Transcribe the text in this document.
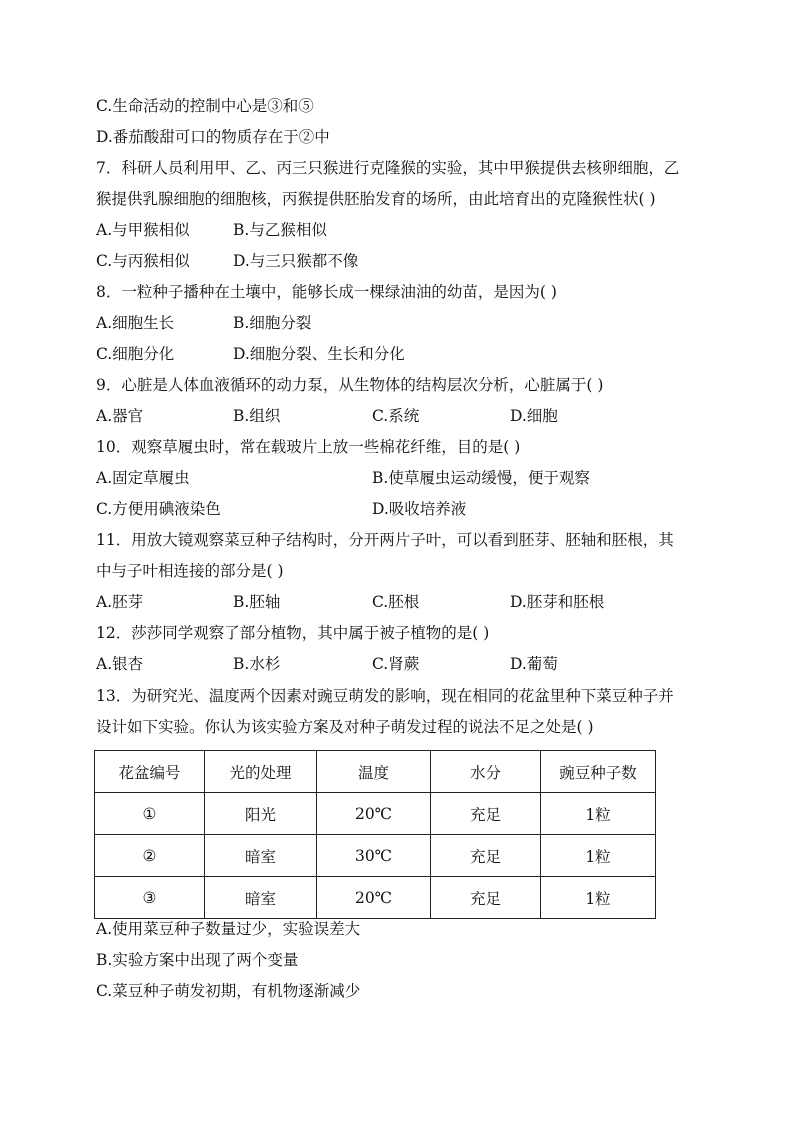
C.生命活动的控制中心是③和⑤
D.番茄酸甜可口的物质存在于②中
7．科研人员利用甲、乙、丙三只猴进行克隆猴的实验，其中甲猴提供去核卵细胞，乙
猴提供乳腺细胞的细胞核，丙猴提供胚胎发育的场所，由此培育出的克隆猴性状( )
A.与甲猴相似	B.与乙猴相似
C.与丙猴相似	D.与三只猴都不像
8．一粒种子播种在土壤中，能够长成一棵绿油油的幼苗，是因为( )
A.细胞生长	B.细胞分裂
C.细胞分化	D.细胞分裂、生长和分化
9．心脏是人体血液循环的动力泵，从生物体的结构层次分析，心脏属于( )
A.器官	B.组织	C.系统	D.细胞
10．观察草履虫时，常在载玻片上放一些棉花纤维，目的是( )
A.固定草履虫	B.使草履虫运动缓慢，便于观察
C.方便用碘液染色	D.吸收培养液
11．用放大镜观察菜豆种子结构时，分开两片子叶，可以看到胚芽、胚轴和胚根，其
中与子叶相连接的部分是( )
A.胚芽	B.胚轴	C.胚根	D.胚芽和胚根
12．莎莎同学观察了部分植物，其中属于被子植物的是( )
A.银杏	B.水杉	C.肾蕨	D.葡萄
13．为研究光、温度两个因素对豌豆萌发的影响，现在相同的花盆里种下菜豆种子并
设计如下实验。你认为该实验方案及对种子萌发过程的说法不足之处是( )
花盆编号	光的处理	温度	水分	豌豆种子数
①	阳光	20℃	充足	1粒
②	暗室	30℃	充足	1粒
③	暗室	20℃	充足	1粒
A.使用菜豆种子数量过少，实验误差大
B.实验方案中出现了两个变量
C.菜豆种子萌发初期，有机物逐渐减少
